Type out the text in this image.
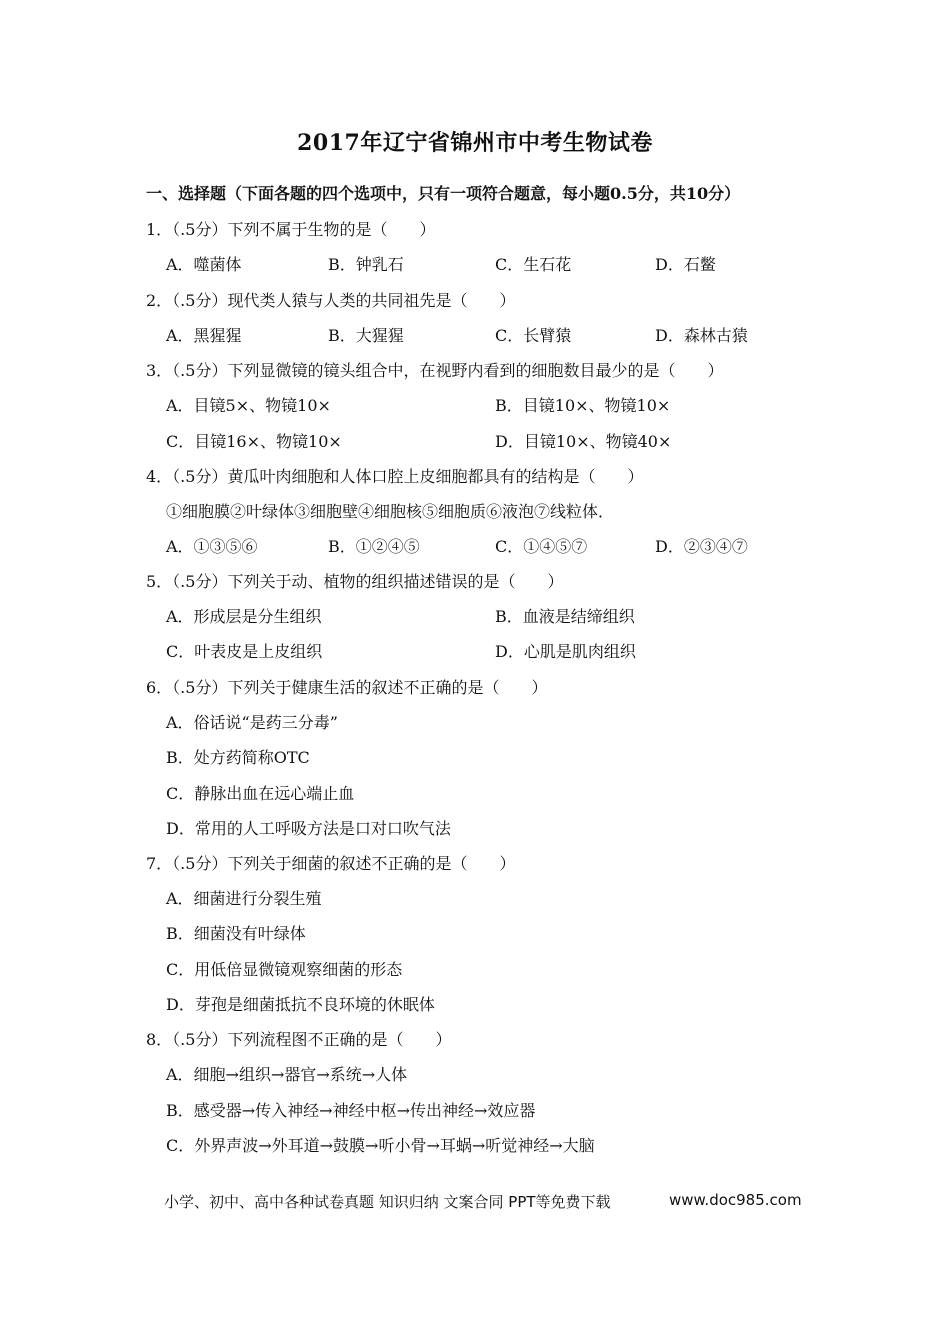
2017年辽宁省锦州市中考生物试卷
一、选择题（下面各题的四个选项中，只有一项符合题意，每小题0.5分，共10分）
1．（.5分）下列不属于生物的是（　　）
A．噬菌体	B．钟乳石	C．生石花	D．石鳖
2．（.5分）现代类人猿与人类的共同祖先是（　　）
A．黑猩猩	B．大猩猩	C．长臂猿	D．森林古猿
3．（.5分）下列显微镜的镜头组合中，在视野内看到的细胞数目最少的是（　　）
A．目镜5×、物镜10×	B．目镜10×、物镜10×
C．目镜16×、物镜10×	D．目镜10×、物镜40×
4．（.5分）黄瓜叶肉细胞和人体口腔上皮细胞都具有的结构是（　　）
①细胞膜②叶绿体③细胞壁④细胞核⑤细胞质⑥液泡⑦线粒体．
A．①③⑤⑥	B．①②④⑤	C．①④⑤⑦	D．②③④⑦
5．（.5分）下列关于动、植物的组织描述错误的是（　　）
A．形成层是分生组织	B．血液是结缔组织
C．叶表皮是上皮组织	D．心肌是肌肉组织
6．（.5分）下列关于健康生活的叙述不正确的是（　　）
A．俗话说“是药三分毒”
B．处方药简称OTC
C．静脉出血在远心端止血
D．常用的人工呼吸方法是口对口吹气法
7．（.5分）下列关于细菌的叙述不正确的是（　　）
A．细菌进行分裂生殖
B．细菌没有叶绿体
C．用低倍显微镜观察细菌的形态
D．芽孢是细菌抵抗不良环境的休眠体
8．（.5分）下列流程图不正确的是（　　）
A．细胞→组织→器官→系统→人体
B．感受器→传入神经→神经中枢→传出神经→效应器
C．外界声波→外耳道→鼓膜→听小骨→耳蜗→听觉神经→大脑
小学、初中、高中各种试卷真题 知识归纳 文案合同 PPT等免费下载	www.doc985.com
